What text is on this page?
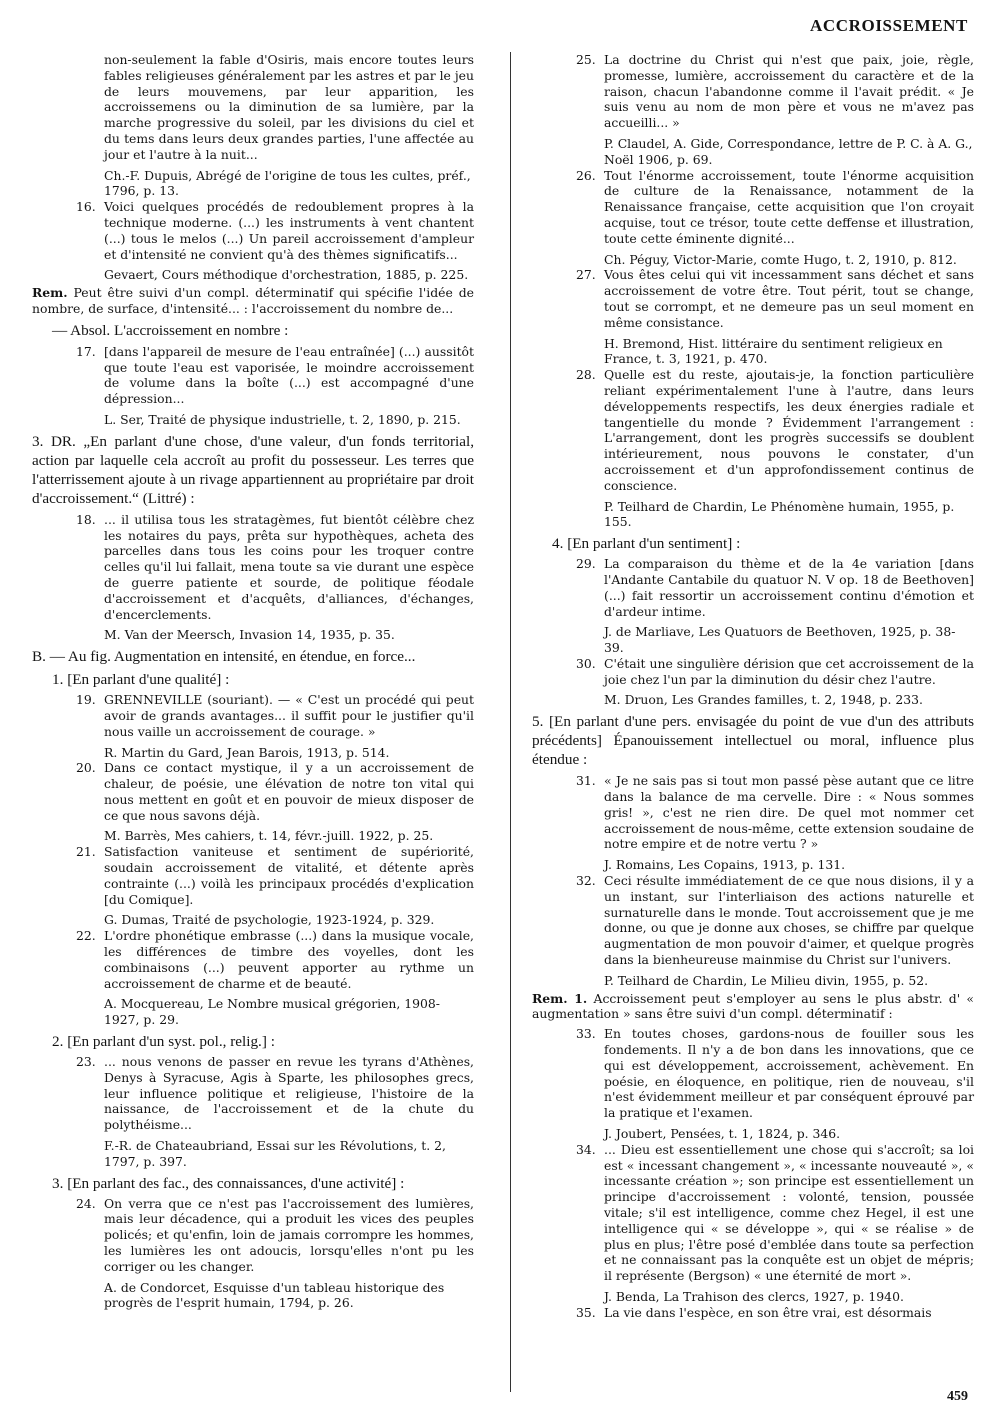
ACCROISSEMENT

non-seulement la fable d'Osiris, mais encore toutes leurs fables religieuses généralement par les astres et par le jeu de leurs mouvemens, par leur apparition, les accroissemens ou la diminution de sa lumière, par la marche progressive du soleil, par les divisions du ciel et du tems dans leurs deux grandes parties, l'une affectée au jour et l'autre à la nuit...

Ch.-F. Dupuis, Abrégé de l'origine de tous les cultes, préf., 1796, p. 13.

16. Voici quelques procédés de redoublement propres à la technique moderne. (...) les instruments à vent chantent (...) tous le melos (...) Un pareil accroissement d'ampleur et d'intensité ne convient qu'à des thèmes significatifs...

Gevaert, Cours méthodique d'orchestration, 1885, p. 225.

Rem. Peut être suivi d'un compl. déterminatif qui spécifie l'idée de nombre, de surface, d'intensité... : l'accroissement du nombre de...

— Absol. L'accroissement en nombre :

17. [dans l'appareil de mesure de l'eau entraînée] (...) aussitôt que toute l'eau est vaporisée, le moindre accroissement de volume dans la boîte (...) est accompagné d'une dépression...

L. Ser, Traité de physique industrielle, t. 2, 1890, p. 215.

3. DR. „En parlant d'une chose, d'une valeur, d'un fonds territorial, action par laquelle cela accroît au profit du possesseur. Les terres que l'atterrissement ajoute à un rivage appartiennent au propriétaire par droit d'accroissement.“ (Littré) :

18. ... il utilisa tous les stratagèmes, fut bientôt célèbre chez les notaires du pays, prêta sur hypothèques, acheta des parcelles dans tous les coins pour les troquer contre celles qu'il lui fallait, mena toute sa vie durant une espèce de guerre patiente et sourde, de politique féodale d'accroissement et d'acquêts, d'alliances, d'échanges, d'encerclements.

M. Van der Meersch, Invasion 14, 1935, p. 35.

B. — Au fig. Augmentation en intensité, en étendue, en force...

1. [En parlant d'une qualité] :

19. GRENNEVILLE (souriant). — « C'est un procédé qui peut avoir de grands avantages... il suffit pour le justifier qu'il nous vaille un accroissement de courage. »

R. Martin du Gard, Jean Barois, 1913, p. 514.

20. Dans ce contact mystique, il y a un accroissement de chaleur, de poésie, une élévation de notre ton vital qui nous mettent en goût et en pouvoir de mieux disposer de ce que nous savons déjà.

M. Barrès, Mes cahiers, t. 14, févr.-juill. 1922, p. 25.

21. Satisfaction vaniteuse et sentiment de supériorité, soudain accroissement de vitalité, et détente après contrainte (...) voilà les principaux procédés d'explication [du Comique].

G. Dumas, Traité de psychologie, 1923-1924, p. 329.

22. L'ordre phonétique embrasse (...) dans la musique vocale, les différences de timbre des voyelles, dont les combinaisons (...) peuvent apporter au rythme un accroissement de charme et de beauté.

A. Mocquereau, Le Nombre musical grégorien, 1908-1927, p. 29.

2. [En parlant d'un syst. pol., relig.] :

23. ... nous venons de passer en revue les tyrans d'Athènes, Denys à Syracuse, Agis à Sparte, les philosophes grecs, leur influence politique et religieuse, l'histoire de la naissance, de l'accroissement et de la chute du polythéisme...

F.-R. de Chateaubriand, Essai sur les Révolutions, t. 2, 1797, p. 397.

3. [En parlant des fac., des connaissances, d'une activité] :

24. On verra que ce n'est pas l'accroissement des lumières, mais leur décadence, qui a produit les vices des peuples policés; et qu'enfin, loin de jamais corrompre les hommes, les lumières les ont adoucis, lorsqu'elles n'ont pu les corriger ou les changer.

A. de Condorcet, Esquisse d'un tableau historique des progrès de l'esprit humain, 1794, p. 26.

25. La doctrine du Christ qui n'est que paix, joie, règle, promesse, lumière, accroissement du caractère et de la raison, chacun l'abandonne comme il l'avait prédit. « Je suis venu au nom de mon père et vous ne m'avez pas accueilli... »

P. Claudel, A. Gide, Correspondance, lettre de P. C. à A. G., Noël 1906, p. 69.

26. Tout l'énorme accroissement, toute l'énorme acquisition de culture de la Renaissance, notamment de la Renaissance française, cette acquisition que l'on croyait acquise, tout ce trésor, toute cette deffense et illustration, toute cette éminente dignité...

Ch. Péguy, Victor-Marie, comte Hugo, t. 2, 1910, p. 812.

27. Vous êtes celui qui vit incessamment sans déchet et sans accroissement de votre être. Tout périt, tout se change, tout se corrompt, et ne demeure pas un seul moment en même consistance.

H. Bremond, Hist. littéraire du sentiment religieux en France, t. 3, 1921, p. 470.

28. Quelle est du reste, ajoutais-je, la fonction particulière reliant expérimentalement l'une à l'autre, dans leurs développements respectifs, les deux énergies radiale et tangentielle du monde ? Évidemment l'arrangement : L'arrangement, dont les progrès successifs se doublent intérieurement, nous pouvons le constater, d'un accroissement et d'un approfondissement continus de conscience.

P. Teilhard de Chardin, Le Phénomène humain, 1955, p. 155.

4. [En parlant d'un sentiment] :

29. La comparaison du thème et de la 4e variation [dans l'Andante Cantabile du quatuor N. V op. 18 de Beethoven] (...) fait ressortir un accroissement continu d'émotion et d'ardeur intime.

J. de Marliave, Les Quatuors de Beethoven, 1925, p. 38-39.

30. C'était une singulière dérision que cet accroissement de la joie chez l'un par la diminution du désir chez l'autre.

M. Druon, Les Grandes familles, t. 2, 1948, p. 233.

5. [En parlant d'une pers. envisagée du point de vue d'un des attributs précédents] Épanouissement intellectuel ou moral, influence plus étendue :

31. « Je ne sais pas si tout mon passé pèse autant que ce litre dans la balance de ma cervelle. Dire : « Nous sommes gris! », c'est ne rien dire. De quel mot nommer cet accroissement de nous-même, cette extension soudaine de notre empire et de notre vertu ? »

J. Romains, Les Copains, 1913, p. 131.

32. Ceci résulte immédiatement de ce que nous disions, il y a un instant, sur l'interliaison des actions naturelle et surnaturelle dans le monde. Tout accroissement que je me donne, ou que je donne aux choses, se chiffre par quelque augmentation de mon pouvoir d'aimer, et quelque progrès dans la bienheureuse mainmise du Christ sur l'univers.

P. Teilhard de Chardin, Le Milieu divin, 1955, p. 52.

Rem. 1. Accroissement peut s'employer au sens le plus abstr. d' « augmentation » sans être suivi d'un compl. déterminatif :

33. En toutes choses, gardons-nous de fouiller sous les fondements. Il n'y a de bon dans les innovations, que ce qui est développement, accroissement, achèvement. En poésie, en éloquence, en politique, rien de nouveau, s'il n'est évidemment meilleur et par conséquent éprouvé par la pratique et l'examen.

J. Joubert, Pensées, t. 1, 1824, p. 346.

34. ... Dieu est essentiellement une chose qui s'accroît; sa loi est « incessant changement », « incessante nouveauté », « incessante création »; son principe est essentiellement un principe d'accroissement : volonté, tension, poussée vitale; s'il est intelligence, comme chez Hegel, il est une intelligence qui « se développe », qui « se réalise » de plus en plus; l'être posé d'emblée dans toute sa perfection et ne connaissant pas la conquête est un objet de mépris; il représente (Bergson) « une éternité de mort ».

J. Benda, La Trahison des clercs, 1927, p. 1940.

35. La vie dans l'espèce, en son être vrai, est désormais

459
